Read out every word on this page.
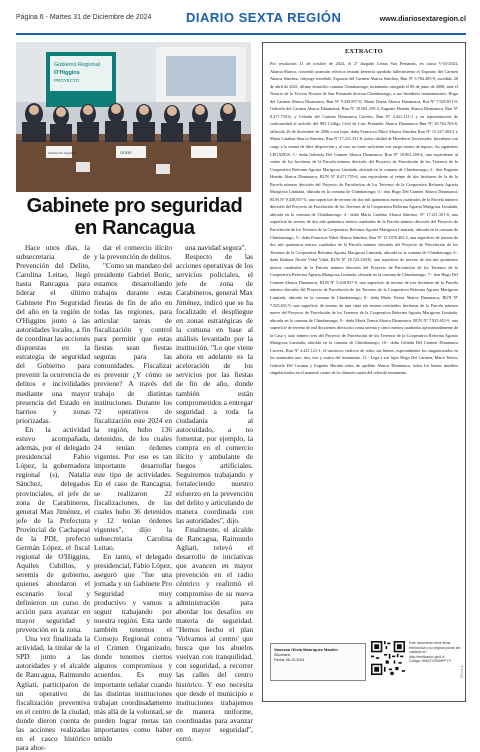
Página 6 - Martes 31 de Diciembre de 2024	DIARIO SEXTA REGIÓN	www.diariosextaregion.cl
Gobierno Regional
O'Higgins
PROYECTO
GORE
Gabinete Pro Seguridad
Gabinete pro seguridad en Rancagua

Hace unos días, la subsecretaria de Prevención del Delito, Carolina Leitao, llegó hasta Rancagua para liderar el último Gabinete Pro Seguridad del año en la región de O'Higgins junto a las autoridades locales, a fin de coordinar las acciones dispuestas en la estrategia de seguridad del Gobierno para prevenir la ocurrencia de delitos e incivilidades mediante una mayor presencia del Estado en barrios y zonas priorizadas.

En la actividad estuvo acompañada, además, por el delegado presidencial Fabio López, la gobernadora regional (s), Natalia Sánchez, delegados provinciales, el jefe de zona de Carabineros, general Max Jiménez, el jefe de la Prefectura Provincial de Cachapoal de la PDI, prefecto Germán López, el fiscal regional de O'Higgins, Aquiles Cubillos, y seremis de gobierno, quienes abordaron el escenario local y definieron un curso de acción para avanzar en mayor seguridad y prevención en la zona.

Una vez finalizada la actividad, la titular de la SPD junto a las autoridades y el alcalde de Rancagua, Raimundo Agliati, participaron de un operativo de fiscalización preventiva en el centro de la ciudad, donde dieron cuenta de las acciones realizadas en el casco histórico para abor-

dar el comercio ilícito y la prevención de delitos.

"Como un mandato del presidente Gabriel Boric, estamos desarrollando trabajos durante estas fiestas de fin de año en todas las regiones, para articular tareas de fiscalización y control para permitir que estas fiestas sean fiestas seguras para las comunidades. Fiscalizar es prevenir ¿Y cómo se previene? A través del trabajo de distintas instituciones. Durante los 72 operativos de fiscalización este 2024 en la región, hubo 136 detenidos, de los cuales 24 tenían órdenes vigentes. Por eso es tan importante desarrollar este tipo de actividades. En el caso de Rancagua, se realizaron 22 fiscalizaciones, de las cuales hubo 36 detenidos y 12 tenían órdenes vigentes", dijo la subsecretaria Carolina Leitao.

En tanto, el delegado presidencial, Fabio López, aseguró que "fue una jornada y un Gabinete Pro Seguridad muy productivo y vamos a seguir trabajando por nuestra región. Esta tarde también tenemos el Consejo Regional contra el Crimen Organizado, donde tenemos ciertos algunos compromisos y acuerdos. Es muy importante señalar cuando las distintas instituciones trabajan coordinadamente más allá de la voluntad, se pueden lograr metas tan importantes como haber tenido

una navidad segura".

Respecto de las acciones operativas de los servicios policiales, el jefe de zona de Carabineros, general Max Jiménez, indicó que se ha focalizado el despliegue en zonas estratégicas de la comuna en base al análisis levantado por la institución. "Lo que viene ahora en adelante es la aceleración de los servicios por las fiestas de fin de año, donde también están comprometidos a entregar seguridad a toda la ciudadanía al autocuidado, a no fomentar, por ejemplo, la compra en el comercio ilícito y ambulante de fuegos artificiales. Seguiremos trabajando y fortaleciendo nuestro esfuerzo en la prevención del delito y articulando de manera coordinada con las autoridades", dijo.

Finalmente, el alcalde de Rancagua, Raimundo Agliati, relevó el desarrollo de iniciativas que avancen en mayor prevención en el radio céntrico y reafirmó el compromiso de su nueva administración para abordar los desafíos en materia de seguridad. "Hemos hecho el plan 'Volvamos al centro' que busca que los abuelos vuelvan con tranquilidad, con seguridad, a recorrer las calles del centro histórico. Y eso necesita que desde el municipio e instituciones trabajemos de manera uniforme, coordinadas para avanzar en mayor seguridad", cerró.

EXTRACTO
Por resolución 21 de octubre de 2024, el 2º Juzgado Letras San Fernando, en causa V-53-2024, Abarca/Abarca, concedió posesión efectiva testada herencia quedada fallecimiento el Esposito del Carmen Abarca Sánchez, cónyuge sucedido. Esposito del Carmen Abarca Sánchez, Run Nº 5.784.405-9, sucedido 28 de abril de 2021, último domicilio comuna Chimbarongo, testamento otorgado el 06 de junio de 2008, ante el Notario de la Tercera Notaría de San Fernando doctora Chimbarongo, a sus herederos testamentarios: Hugo del Carmen Abarca Dinamarca, Run Nº 9.438.857-0; María Teresa Abarca Dinamarca, Rut Nº 7.925.651-9; Gabriela del Carmen Abarca Dinamarca, Run Nº 10.861.259-4; Eugenio Hernán Abarca Dinamarca, Run Nº 8.471.755-6; y Celinda del Carmen Dinamarca Cáceres, Run Nº 4.421.121-1 y en representación de conformidad al artículo del 983 Código Civil de Luis Fernando Abarca Dinamarca Run Nº 10.762.763-8, fallecido 26 de diciembre de 2006 a sus hijas, doña Francisca Nikol Abarca Sánchez Run Nº 15.327.403-2 y María Catalina Abarca Sánchez, Run Nº 17.211.351-6, todos calidad de Herederos Universales. Inscríbase con cargo a la cuenta de libre disposición y al cura no fuese suficiente con cargo cuenta de esposo, los siguientes LEGADOS. 1.- doña Gabriela Del Carmen Abarca Dinamarca, Run Nº 10.861.259-4, una equivalente al veinte de los hectáreas de la Parcela número dieciséis del Proyecto de Parcelación de los Terrenos de la Cooperativa Reforma Agraria Marigrosa Limitada, ubicada en la comuna de Chimbarongo; 2.- don Eugenio Hernán Abarca Dinamarca, RUN Nº 8.471.755-6, una equivalente al veinte de dos hectáreas de la de la Parcela número dieciséis del Proyecto de Parcelación de los Terrenos de la Cooperativa Reforma Agraria Marigrosa Limitada, ubicada en la comuna de Chimbarongo; 3.- don Hugo Del Carmen Abarca Dinamarca, RUN Nº 9.438.857-0, una superficie de terreno de dos mil quinientos metros cuadrados de la Parcela número dieciséis del Proyecto de Parcelación de los Terrenos de la Cooperativa Reforma Agraria Marigrosa Limitada, ubicada en la comuna de Chimbarongo. 4.- doña María Catalina Abarca Sánchez, Nº 17.211.351-6, una superficie de terreno de dos mil quinientos metros cuadrados de la Parcela número dieciséis del Proyecto de Parcelación de los Terrenos de la Cooperativa Reforma Agraria Marigrosa Limitada, ubicada en la comuna de Chimbarongo; 5.- doña Francisca Nikol Abarca Sánchez, Run Nº 15.3378.403-2, una superficie de terreno de dos mil quinientos metros cuadrados de la Parcela número dieciséis del Proyecto de Parcelación de los Terrenos de la Cooperativa Reforma Agraria Marigrosa Limitada, ubicada en la comuna de Chimbarongo; 6.- doña Barbara Nicole Vidal Vidal, RUN Nº 18.722.338-K, una superficie de terreno de dos mil quinientos metros cuadrados de la Parcela número dieciséis del Proyecto de Parcelación de los Terrenos de la Cooperativa Reforma Agraria Marigrosa Limitada, ubicada en la comuna de Chimbarongo. 7.- don Hugo Del Carmen Abarca Dinamarca, RUN Nº 9.438.857-0, una superficie de terreno de tres hectáreas de la Parcela número dieciséis del Proyecto de Parcelación de los Terrenos de la Cooperativa Reforma Agraria Marigrosa Limitada, ubicada en la comuna de Chimbarongo; 8.- doña María Teresa Abarca Dinamarca, RUN Nº 7.925.651-9, una superficie de terreno de una cinta sin terreno restituidos hectáreas de la Parcela número nueve del Proyecto de Parcelación de los Terrenos de la Cooperativa Reforma Agraria Marigrosa Limitada, ubicada en la comuna de Chimbarongo; 9.- doña María Teresa Abarca Dinamarca, RUN Nº 7.925.651-9, una superficie de terreno de mil doscientos dieciocho coma setenta y cinco metros cuadrados aproximadamente de la Casa y sitio número tres del Proyecto de Parcelación de los Terrenos de la Cooperativa Reforma Agraria Marigrosa Limitada, ubicada en la comuna de Chimbarongo; 10.- doña Celinda Del Carmen Dinamarca Cáceres, Run Nº 4.421.121-1, el usufructo vitalicio de todos sus bienes, especialmente los singularizados en los numerales uno, dos, tres y cuatro del testamento. 11.- Lega a sus hijos Hugo Del Carmen, María Teresa, Gabriela Del Carmen y Eugenio Hernán todos de apellido Abarca Dinamarca, todos los bienes muebles singularizados en el numeral cuatro de la cláusula cuarta del referido testamento.
Vanessa Olivia Manríquez Maulén
Secretario
Fecha: 06-12-2024
Este documento tiene firma electrónica y su original puede ser validado en http://verificadoc.pjud.cl
Código: HMHZYDWMPFYV
X5-9-2-1
